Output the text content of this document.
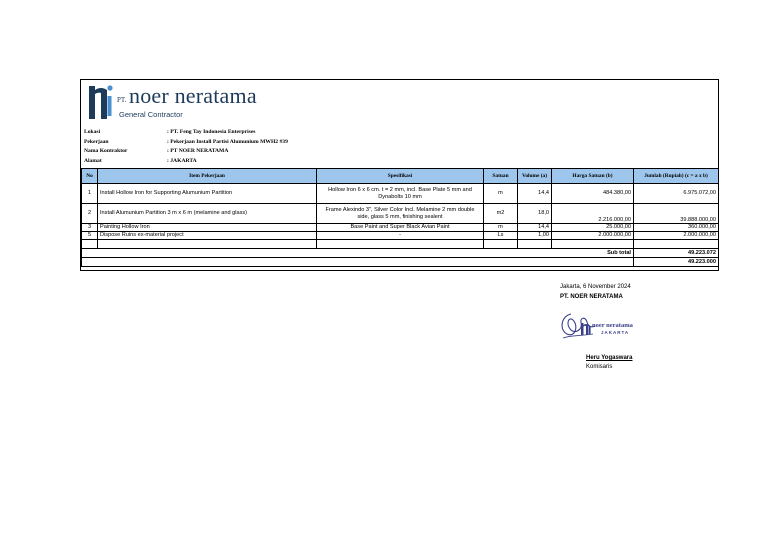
PT. noer neratama
General Contractor
Lokasi	: PT. Feng Tay Indonesia Enterprises
Pekerjaan	: Pekerjaan Install Partisi Alumunium MWH2 #39
Nama Kontraktor	: PT NOER NERATAMA
Alamat	: JAKARTA
No	Item Pekerjaan	Spesifikasi	Satuan	Volume (a)	Harga Satuan (b)	Jumlah (Rupiah) (c = a x b)
1	Install Hollow Iron for Supporting Alumunium Partition	Hollow Iron 6 x 6 cm. t = 2 mm, incl. Base Plate 5 mm and Dynabolts 10 mm	m	14,4	484.380,00	6.975.072,00
2	Install Alumunium Partition 3 m x 6 m (melamine and glass)	Frame Alexindo 3", Silver Color Incl. Melamine 2 mm double side, glass 5 mm, finishing sealent	m2	18,0	2.216.000,00	39.888.000,00
3	Painting Hollow Iron	Base Paint and Super Black Avian Paint	m	14,4	25.000,00	360.000,00
5	Dispose Ruins ex-material project	-	Ls	1,00	2.000.000,00	2.000.000,00

	Sub total					49.223.072
						49.223.000
Jakarta, 6 November 2024
PT. NOER NERATAMA
noer neratama
JAKARTA
Heru Yogaswara
Komisaris
